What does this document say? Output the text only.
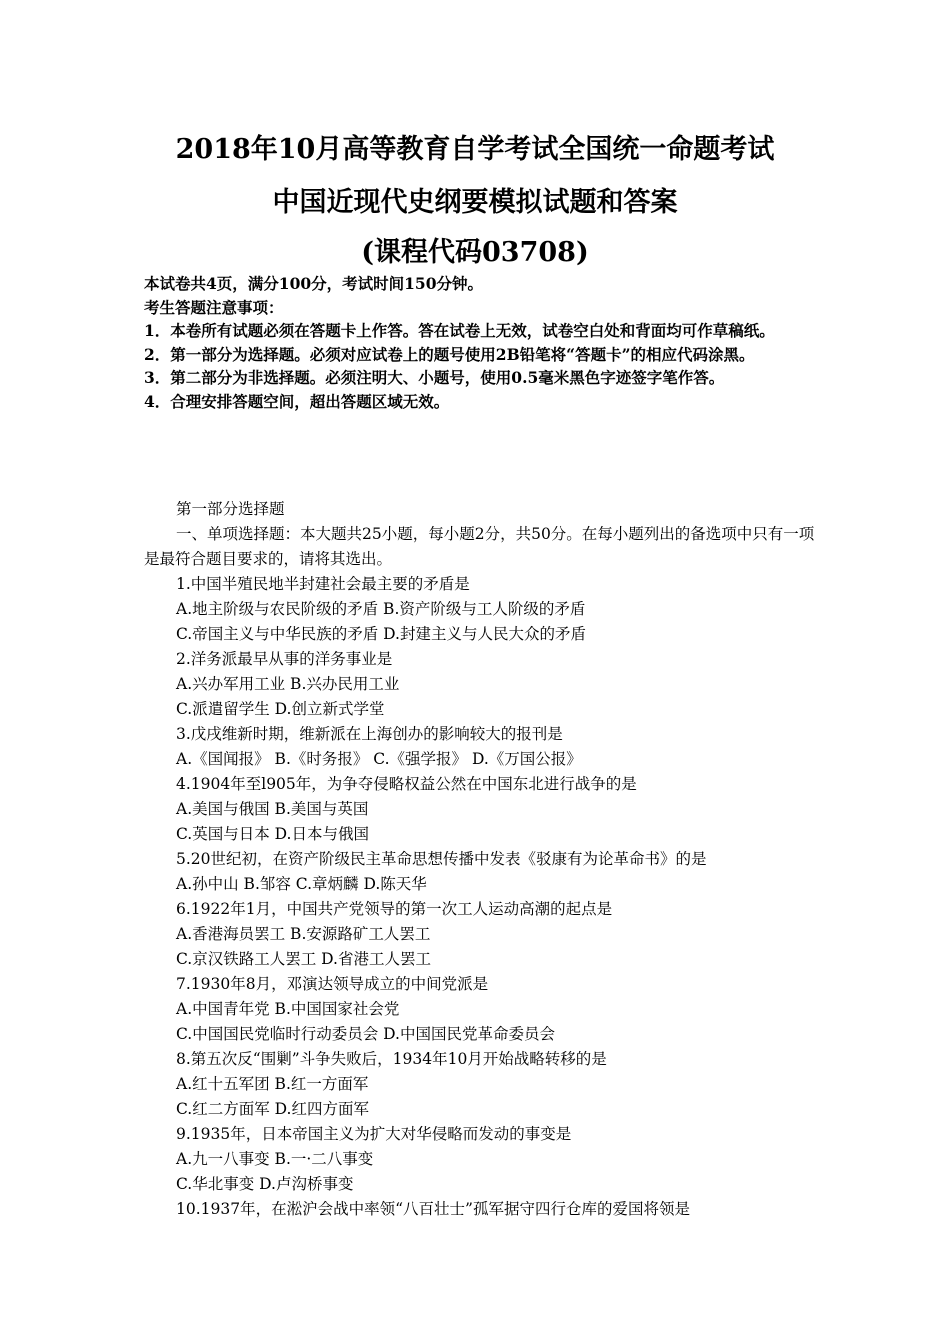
2018年10月高等教育自学考试全国统一命题考试
中国近现代史纲要模拟试题和答案
(课程代码03708)

本试卷共4页，满分100分，考试时间150分钟。

考生答题注意事项：

1．本卷所有试题必须在答题卡上作答。答在试卷上无效，试卷空白处和背面均可作草稿纸。

2．第一部分为选择题。必须对应试卷上的题号使用2B铅笔将“答题卡”的相应代码涂黑。

3．第二部分为非选择题。必须注明大、小题号，使用0.5毫米黑色字迹签字笔作答。

4．合理安排答题空间，超出答题区域无效。

第一部分选择题

一、单项选择题：本大题共25小题，每小题2分，共50分。在每小题列出的备选项中只有一项是最符合题目要求的，请将其选出。

1.中国半殖民地半封建社会最主要的矛盾是

A.地主阶级与农民阶级的矛盾 B.资产阶级与工人阶级的矛盾

C.帝国主义与中华民族的矛盾 D.封建主义与人民大众的矛盾

2.洋务派最早从事的洋务事业是

A.兴办军用工业 B.兴办民用工业

C.派遣留学生 D.创立新式学堂

3.戊戌维新时期，维新派在上海创办的影响较大的报刊是

A.《国闻报》 B.《时务报》 C.《强学报》 D.《万国公报》

4.1904年至l905年，为争夺侵略权益公然在中国东北进行战争的是

A.美国与俄国 B.美国与英国

C.英国与日本 D.日本与俄国

5.20世纪初，在资产阶级民主革命思想传播中发表《驳康有为论革命书》的是

A.孙中山 B.邹容 C.章炳麟 D.陈天华

6.1922年1月，中国共产党领导的第一次工人运动高潮的起点是

A.香港海员罢工 B.安源路矿工人罢工

C.京汉铁路工人罢工 D.省港工人罢工

7.1930年8月，邓演达领导成立的中间党派是

A.中国青年党 B.中国国家社会党

C.中国国民党临时行动委员会 D.中国国民党革命委员会

8.第五次反“围剿”斗争失败后，1934年10月开始战略转移的是

A.红十五军团 B.红一方面军

C.红二方面军 D.红四方面军

9.1935年，日本帝国主义为扩大对华侵略而发动的事变是

A.九一八事变 B.一·二八事变

C.华北事变 D.卢沟桥事变

10.1937年，在淞沪会战中率领“八百壮士”孤军据守四行仓库的爱国将领是
